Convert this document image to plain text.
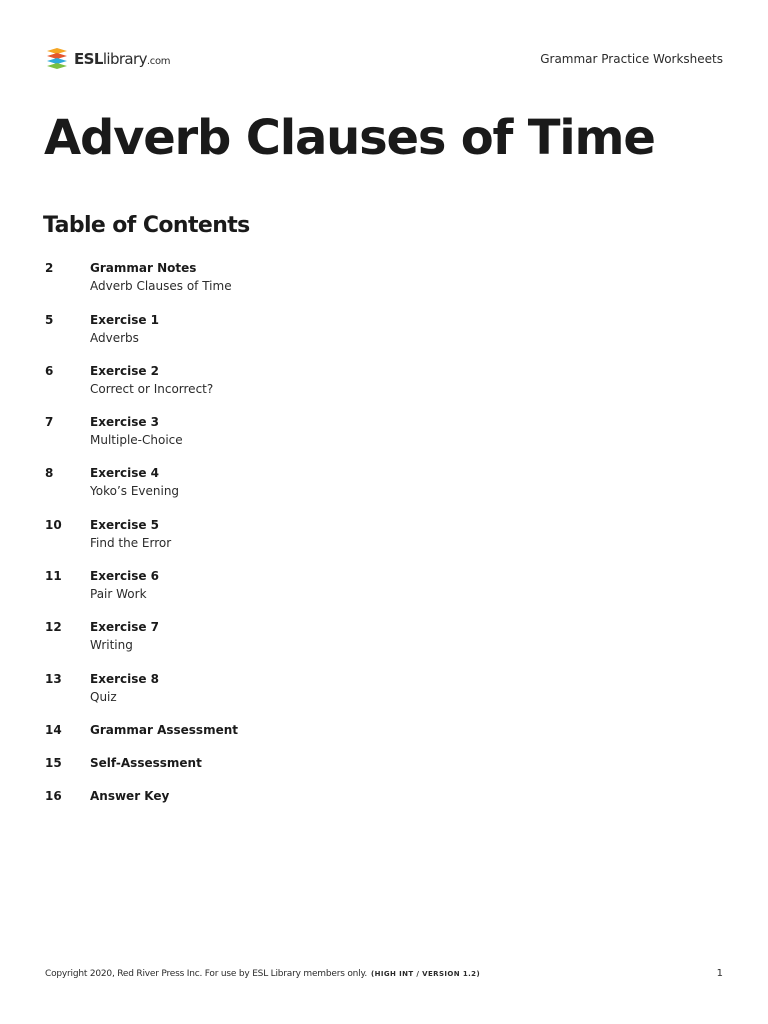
ESLlibrary.com	Grammar Practice Worksheets
Adverb Clauses of Time
Table of Contents
2	Grammar Notes
Adverb Clauses of Time
5	Exercise 1
Adverbs
6	Exercise 2
Correct or Incorrect?
7	Exercise 3
Multiple-Choice
8	Exercise 4
Yoko’s Evening
10 Exercise 5
Find the Error
11 Exercise 6
Pair Work
12 Exercise 7
Writing
13 Exercise 8
Quiz
14 Grammar Assessment
15 Self-Assessment
16 Answer Key
Copyright 2020, Red River Press Inc. For use by ESL Library members only. (HIGH INT / VERSION 1.2)	1
